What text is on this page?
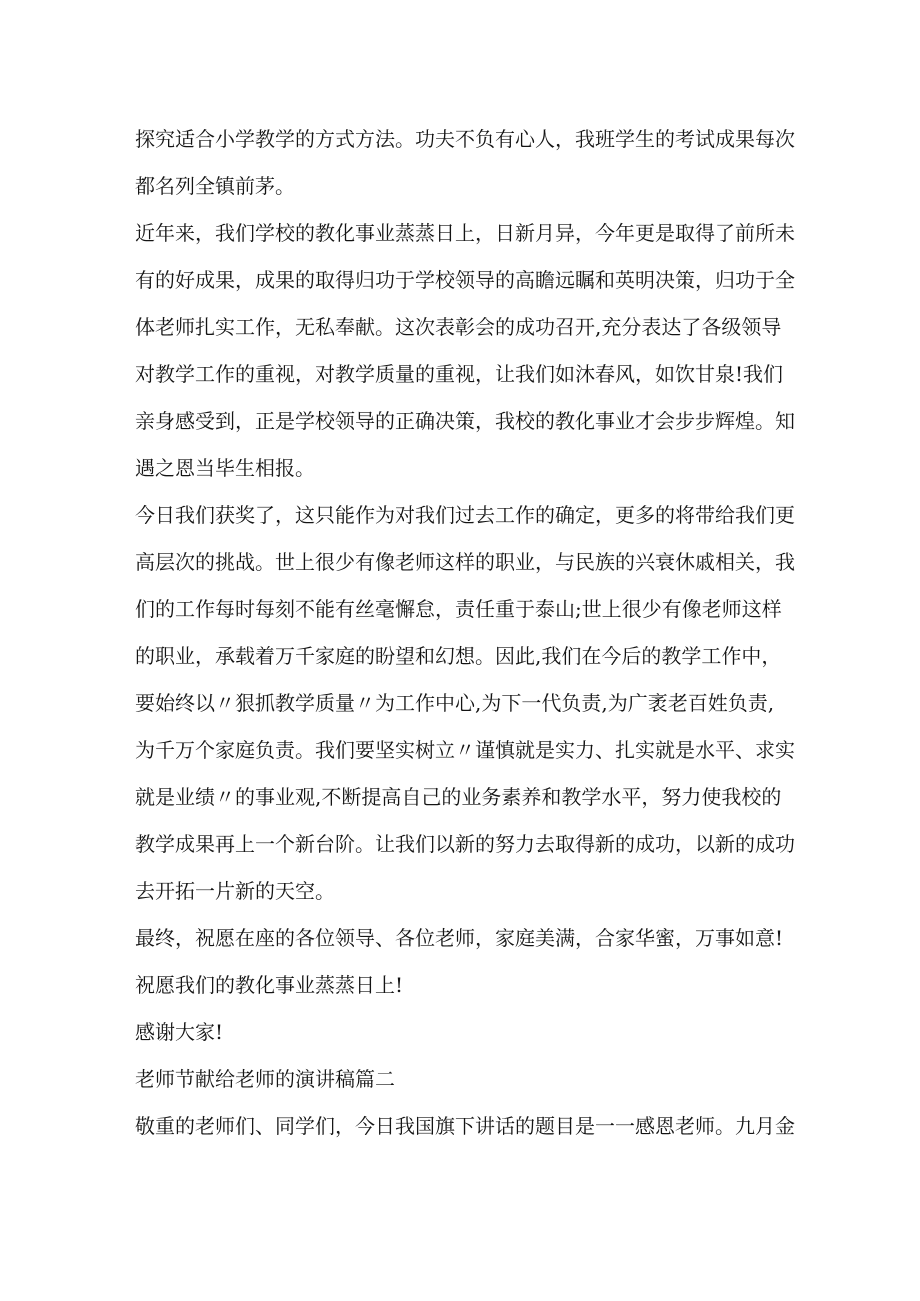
探究适合小学教学的方式方法。功夫不负有心人，我班学生的考试成果每次
都名列全镇前茅。
近年来，我们学校的教化事业蒸蒸日上，日新月异，今年更是取得了前所未
有的好成果，成果的取得归功于学校领导的高瞻远瞩和英明决策，归功于全
体老师扎实工作，无私奉献。这次表彰会的成功召开,充分表达了各级领导
对教学工作的重视，对教学质量的重视，让我们如沐春风，如饮甘泉!我们
亲身感受到，正是学校领导的正确决策，我校的教化事业才会步步辉煌。知
遇之恩当毕生相报。
今日我们获奖了，这只能作为对我们过去工作的确定，更多的将带给我们更
高层次的挑战。世上很少有像老师这样的职业，与民族的兴衰休戚相关，我
们的工作每时每刻不能有丝毫懈怠，责任重于泰山;世上很少有像老师这样
的职业，承载着万千家庭的盼望和幻想。因此,我们在今后的教学工作中，
要始终以〃狠抓教学质量〃为工作中心,为下一代负责,为广袤老百姓负责,
为千万个家庭负责。我们要坚实树立〃谨慎就是实力、扎实就是水平、求实
就是业绩〃的事业观,不断提高自己的业务素养和教学水平，努力使我校的
教学成果再上一个新台阶。让我们以新的努力去取得新的成功，以新的成功
去开拓一片新的天空。
最终，祝愿在座的各位领导、各位老师，家庭美满，合家华蜜，万事如意!
祝愿我们的教化事业蒸蒸日上!
感谢大家!
老师节献给老师的演讲稿篇二
敬重的老师们、同学们，今日我国旗下讲话的题目是一一感恩老师。九月金
